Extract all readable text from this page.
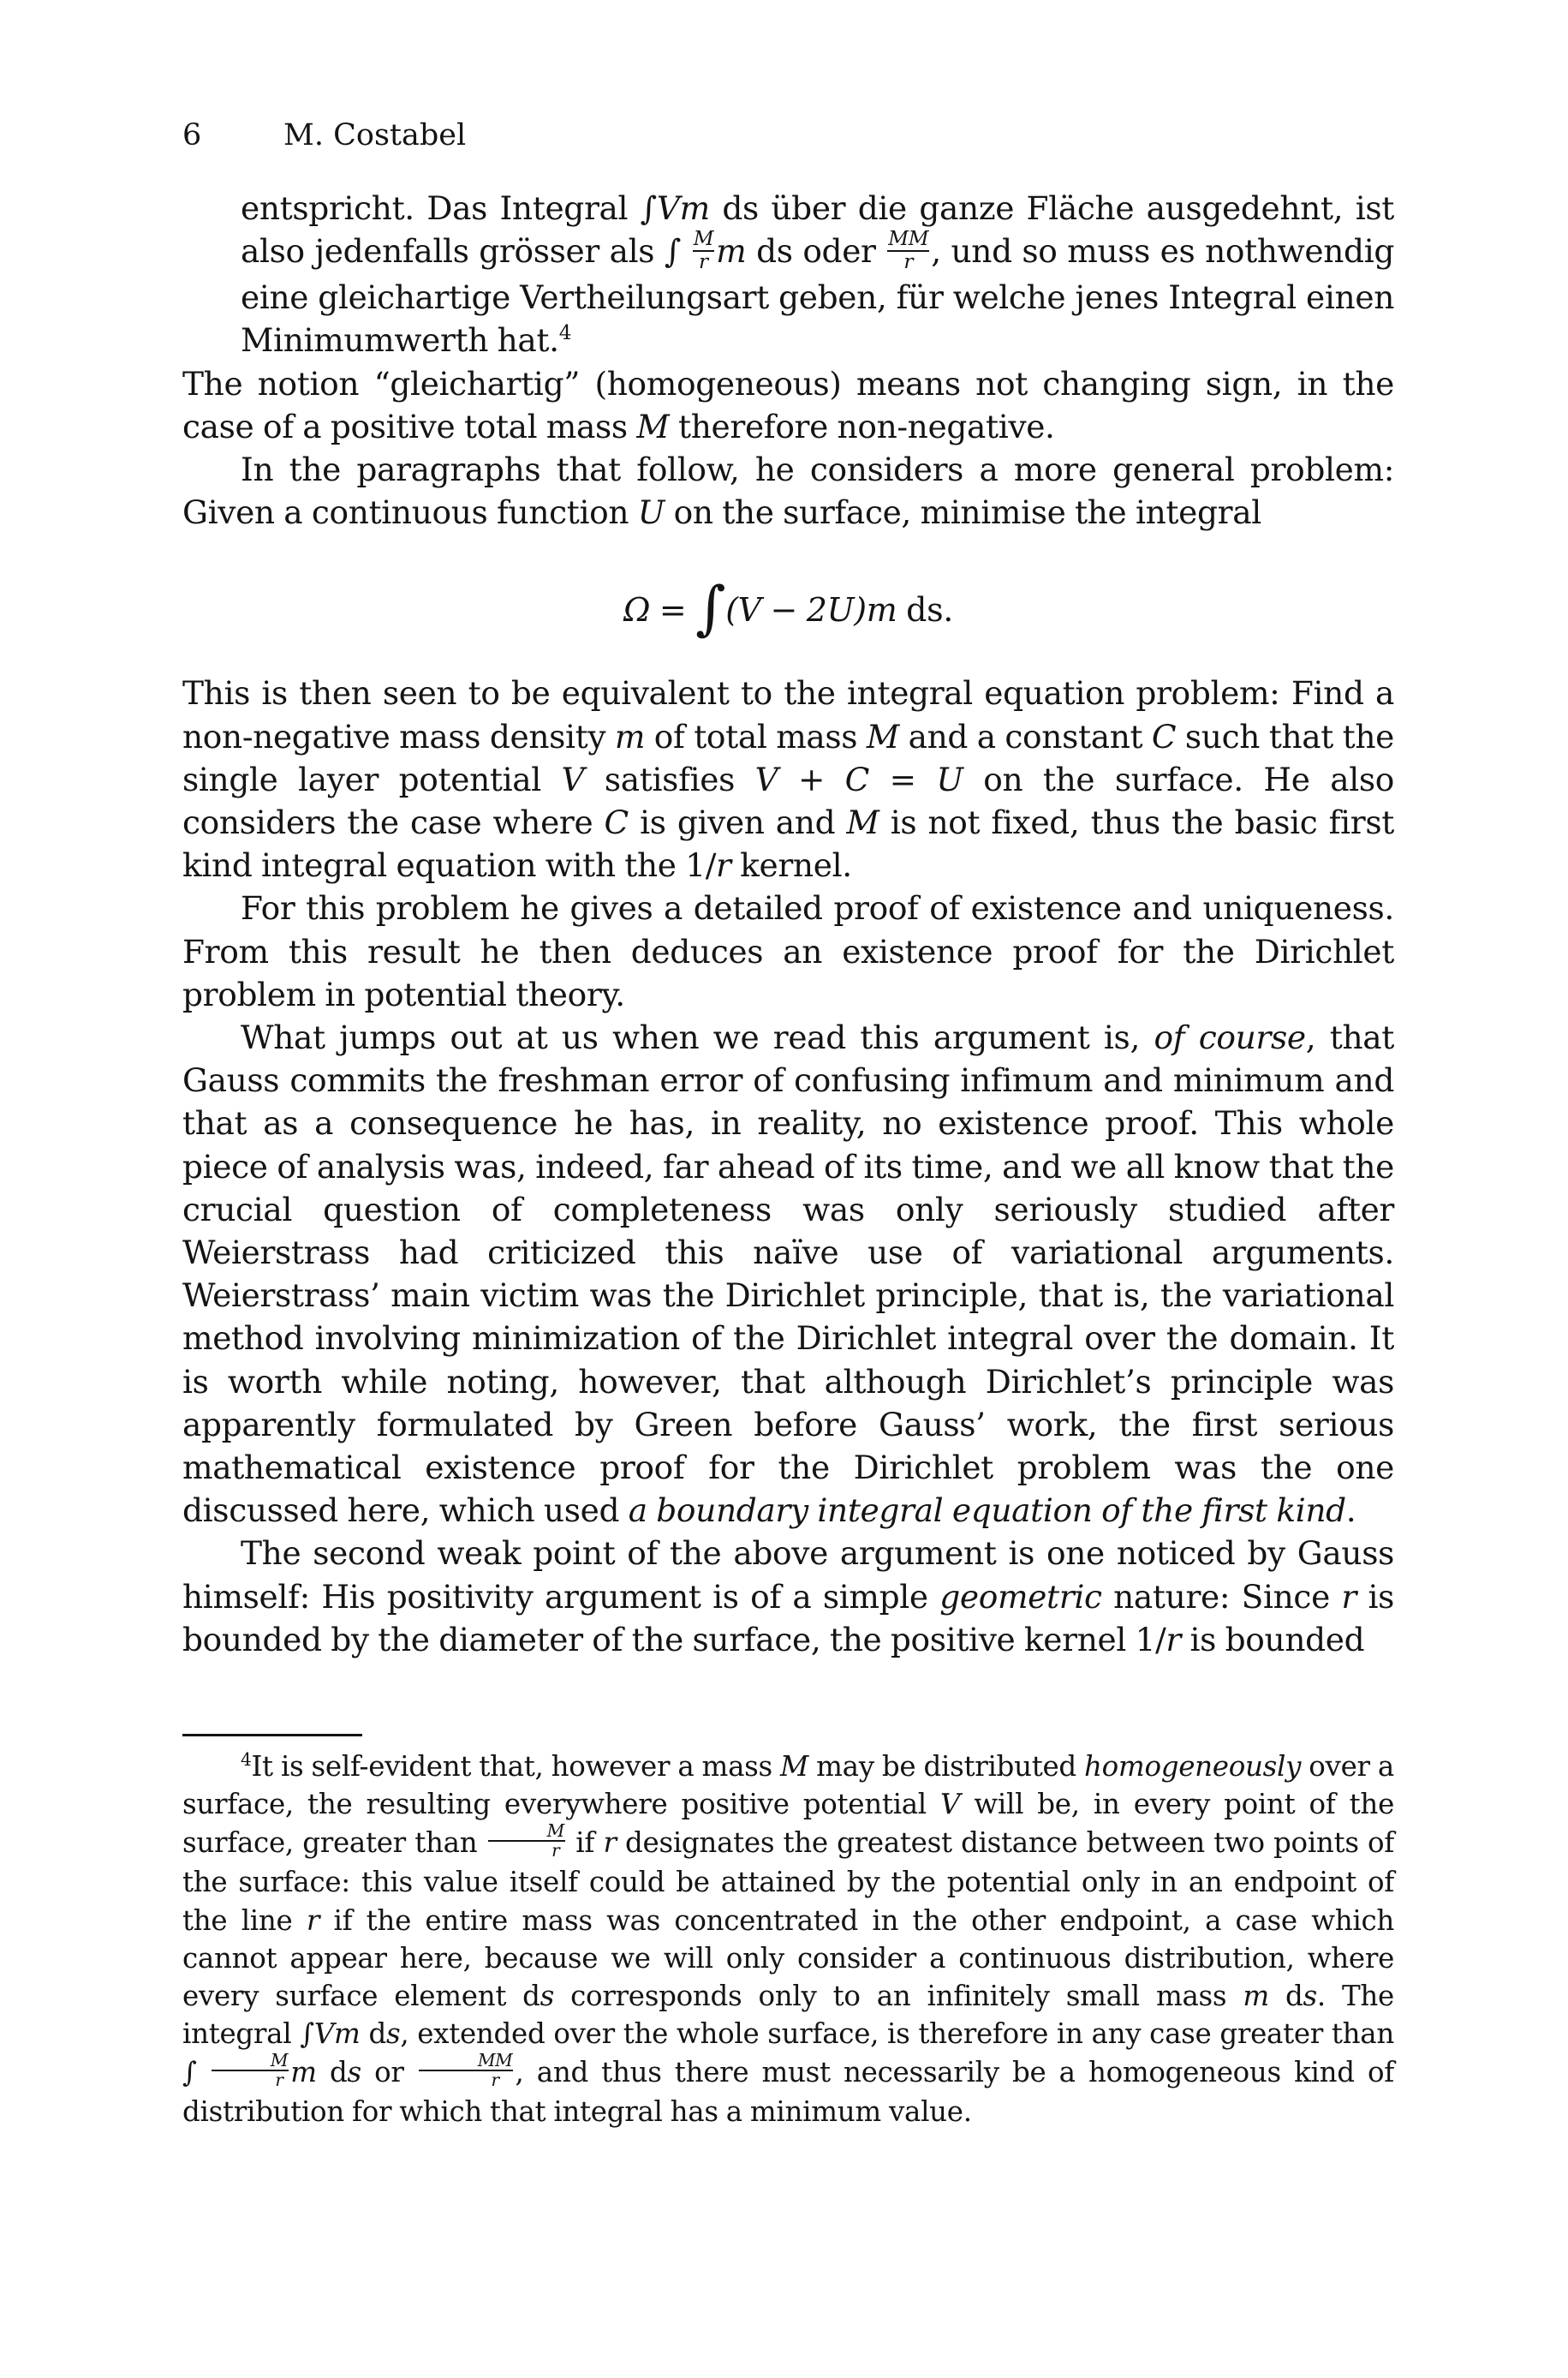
6	M. Costabel

entspricht. Das Integral ∫Vm ds über die ganze Fläche ausgedehnt, ist also jedenfalls grösser als ∫ $\frac{M}{r}$ m ds oder $\frac{MM}{r}$ , und so muss es nothwendig eine gleichartige Vertheilungsart geben, für welche jenes Integral einen Minimumwerth hat.$^4$

The notion “gleichartig” (homogeneous) means not changing sign, in the case of a positive total mass M therefore non-negative.

In the paragraphs that follow, he considers a more general problem: Given a continuous function U on the surface, minimise the integral

Ω = ∫(V − 2U)m ds.

This is then seen to be equivalent to the integral equation problem: Find a non-negative mass density m of total mass M and a constant C such that the single layer potential V satisfies V + C = U on the surface. He also considers the case where C is given and M is not fixed, thus the basic first kind integral equation with the 1/r kernel.

For this problem he gives a detailed proof of existence and uniqueness. From this result he then deduces an existence proof for the Dirichlet problem in potential theory.

What jumps out at us when we read this argument is, of course, that Gauss commits the freshman error of confusing infimum and minimum and that as a consequence he has, in reality, no existence proof. This whole piece of analysis was, indeed, far ahead of its time, and we all know that the crucial question of completeness was only seriously studied after Weierstrass had criticized this naïve use of variational arguments. Weierstrass’ main victim was the Dirichlet principle, that is, the variational method involving minimization of the Dirichlet integral over the domain. It is worth while noting, however, that although Dirichlet’s principle was apparently formulated by Green before Gauss’ work, the first serious mathematical existence proof for the Dirichlet problem was the one discussed here, which used a boundary integral equation of the first kind.

The second weak point of the above argument is one noticed by Gauss himself: His positivity argument is of a simple geometric nature: Since r is bounded by the diameter of the surface, the positive kernel 1/r is bounded

$^4$It is self-evident that, however a mass M may be distributed homogeneously over a surface, the resulting everywhere positive potential V will be, in every point of the surface, greater than $\frac{M}{r}$ if r designates the greatest distance between two points of the surface: this value itself could be attained by the potential only in an endpoint of the line r if the entire mass was concentrated in the other endpoint, a case which cannot appear here, because we will only consider a continuous distribution, where every surface element ds corresponds only to an infinitely small mass m ds. The integral ∫Vm ds, extended over the whole surface, is therefore in any case greater than ∫ $\frac{M}{r}$ m ds or $\frac{MM}{r}$ , and thus there must necessarily be a homogeneous kind of distribution for which that integral has a minimum value.
